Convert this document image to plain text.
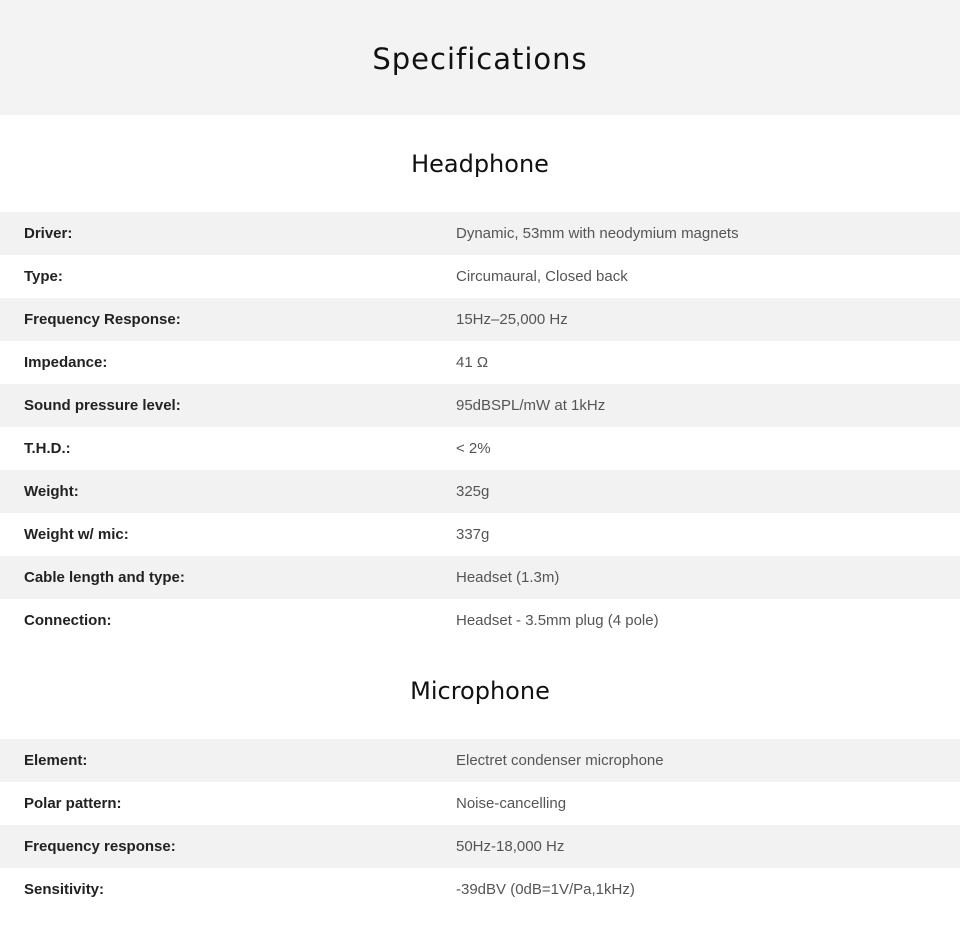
Specifications
Headphone
Driver:	Dynamic, 53mm with neodymium magnets
Type:	Circumaural, Closed back
Frequency Response:	15Hz–25,000 Hz
Impedance:	41 Ω
Sound pressure level:	95dBSPL/mW at 1kHz
T.H.D.:	< 2%
Weight:	325g
Weight w/ mic:	337g
Cable length and type:	Headset (1.3m)
Connection:	Headset - 3.5mm plug (4 pole)
Microphone
Element:	Electret condenser microphone
Polar pattern:	Noise-cancelling
Frequency response:	50Hz-18,000 Hz
Sensitivity:	-39dBV (0dB=1V/Pa,1kHz)
